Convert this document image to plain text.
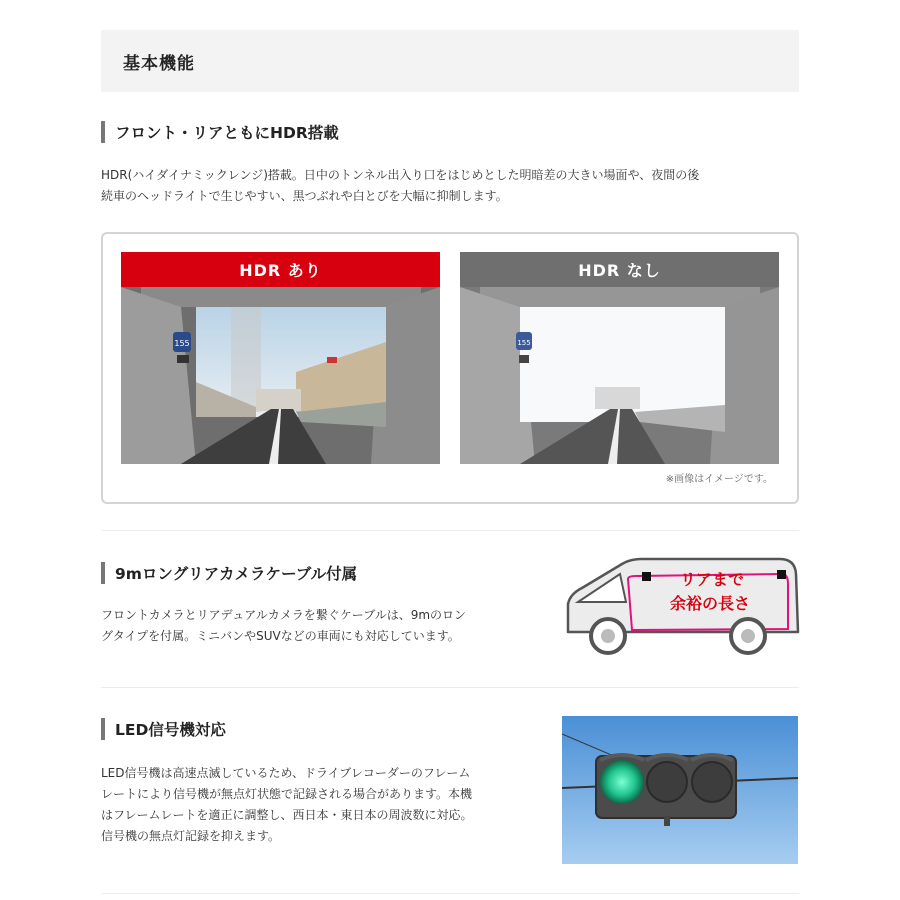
基本機能
フロント・リアともにHDR搭載
HDR(ハイダイナミックレンジ)搭載。日中のトンネル出入り口をはじめとした明暗差の大きい場面や、夜間の後
続車のヘッドライトで生じやすい、黒つぶれや白とびを大幅に抑制します。
HDR あり
155
HDR なし
155
※画像はイメージです。
9mロングリアカメラケーブル付属
フロントカメラとリアデュアルカメラを繋ぐケーブルは、9mのロン
グタイプを付属。ミニバンやSUVなどの車両にも対応しています。
リアまで
余裕の長さ
LED信号機対応
LED信号機は高速点滅しているため、ドライブレコーダーのフレーム
レートにより信号機が無点灯状態で記録される場合があります。本機
はフレームレートを適正に調整し、西日本・東日本の周波数に対応。
信号機の無点灯記録を抑えます。
